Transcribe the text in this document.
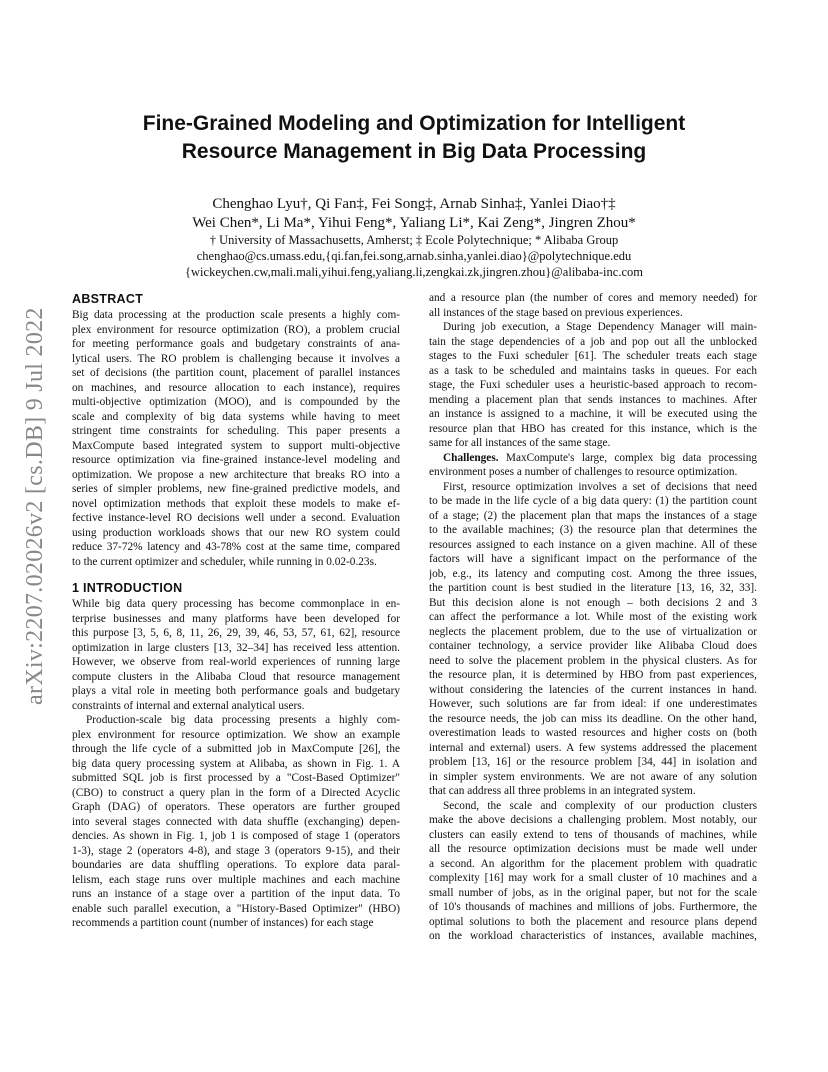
arXiv:2207.02026v2 [cs.DB] 9 Jul 2022
Fine-Grained Modeling and Optimization for Intelligent
Resource Management in Big Data Processing
Chenghao Lyu†, Qi Fan‡, Fei Song‡, Arnab Sinha‡, Yanlei Diao†‡
Wei Chen*, Li Ma*, Yihui Feng*, Yaliang Li*, Kai Zeng*, Jingren Zhou*
† University of Massachusetts, Amherst; ‡ Ecole Polytechnique; * Alibaba Group
chenghao@cs.umass.edu,{qi.fan,fei.song,arnab.sinha,yanlei.diao}@polytechnique.edu
{wickeychen.cw,mali.mali,yihui.feng,yaliang.li,zengkai.zk,jingren.zhou}@alibaba-inc.com
ABSTRACT
Big data processing at the production scale presents a highly com-
plex environment for resource optimization (RO), a problem crucial
for meeting performance goals and budgetary constraints of ana-
lytical users. The RO problem is challenging because it involves a
set of decisions (the partition count, placement of parallel instances
on machines, and resource allocation to each instance), requires
multi-objective optimization (MOO), and is compounded by the
scale and complexity of big data systems while having to meet
stringent time constraints for scheduling. This paper presents a
MaxCompute based integrated system to support multi-objective
resource optimization via fine-grained instance-level modeling and
optimization. We propose a new architecture that breaks RO into a
series of simpler problems, new fine-grained predictive models, and
novel optimization methods that exploit these models to make ef-
fective instance-level RO decisions well under a second. Evaluation
using production workloads shows that our new RO system could
reduce 37-72% latency and 43-78% cost at the same time, compared
to the current optimizer and scheduler, while running in 0.02-0.23s.
1 INTRODUCTION
While big data query processing has become commonplace in en-
terprise businesses and many platforms have been developed for
this purpose [3, 5, 6, 8, 11, 26, 29, 39, 46, 53, 57, 61, 62], resource
optimization in large clusters [13, 32–34] has received less attention.
However, we observe from real-world experiences of running large
compute clusters in the Alibaba Cloud that resource management
plays a vital role in meeting both performance goals and budgetary
constraints of internal and external analytical users.
Production-scale big data processing presents a highly com-
plex environment for resource optimization. We show an example
through the life cycle of a submitted job in MaxCompute [26], the
big data query processing system at Alibaba, as shown in Fig. 1. A
submitted SQL job is first processed by a "Cost-Based Optimizer"
(CBO) to construct a query plan in the form of a Directed Acyclic
Graph (DAG) of operators. These operators are further grouped
into several stages connected with data shuffle (exchanging) depen-
dencies. As shown in Fig. 1, job 1 is composed of stage 1 (operators
1-3), stage 2 (operators 4-8), and stage 3 (operators 9-15), and their
boundaries are data shuffling operations. To explore data paral-
lelism, each stage runs over multiple machines and each machine
runs an instance of a stage over a partition of the input data. To
enable such parallel execution, a "History-Based Optimizer" (HBO)
recommends a partition count (number of instances) for each stage
and a resource plan (the number of cores and memory needed) for
all instances of the stage based on previous experiences.
During job execution, a Stage Dependency Manager will main-
tain the stage dependencies of a job and pop out all the unblocked
stages to the Fuxi scheduler [61]. The scheduler treats each stage
as a task to be scheduled and maintains tasks in queues. For each
stage, the Fuxi scheduler uses a heuristic-based approach to recom-
mending a placement plan that sends instances to machines. After
an instance is assigned to a machine, it will be executed using the
resource plan that HBO has created for this instance, which is the
same for all instances of the same stage.
Challenges. MaxCompute's large, complex big data processing
environment poses a number of challenges to resource optimization.
First, resource optimization involves a set of decisions that need
to be made in the life cycle of a big data query: (1) the partition count
of a stage; (2) the placement plan that maps the instances of a stage
to the available machines; (3) the resource plan that determines the
resources assigned to each instance on a given machine. All of these
factors will have a significant impact on the performance of the
job, e.g., its latency and computing cost. Among the three issues,
the partition count is best studied in the literature [13, 16, 32, 33].
But this decision alone is not enough – both decisions 2 and 3
can affect the performance a lot. While most of the existing work
neglects the placement problem, due to the use of virtualization or
container technology, a service provider like Alibaba Cloud does
need to solve the placement problem in the physical clusters. As for
the resource plan, it is determined by HBO from past experiences,
without considering the latencies of the current instances in hand.
However, such solutions are far from ideal: if one underestimates
the resource needs, the job can miss its deadline. On the other hand,
overestimation leads to wasted resources and higher costs on (both
internal and external) users. A few systems addressed the placement
problem [13, 16] or the resource problem [34, 44] in isolation and
in simpler system environments. We are not aware of any solution
that can address all three problems in an integrated system.
Second, the scale and complexity of our production clusters
make the above decisions a challenging problem. Most notably, our
clusters can easily extend to tens of thousands of machines, while
all the resource optimization decisions must be made well under
a second. An algorithm for the placement problem with quadratic
complexity [16] may work for a small cluster of 10 machines and a
small number of jobs, as in the original paper, but not for the scale
of 10's thousands of machines and millions of jobs. Furthermore, the
optimal solutions to both the placement and resource plans depend
on the workload characteristics of instances, available machines,
